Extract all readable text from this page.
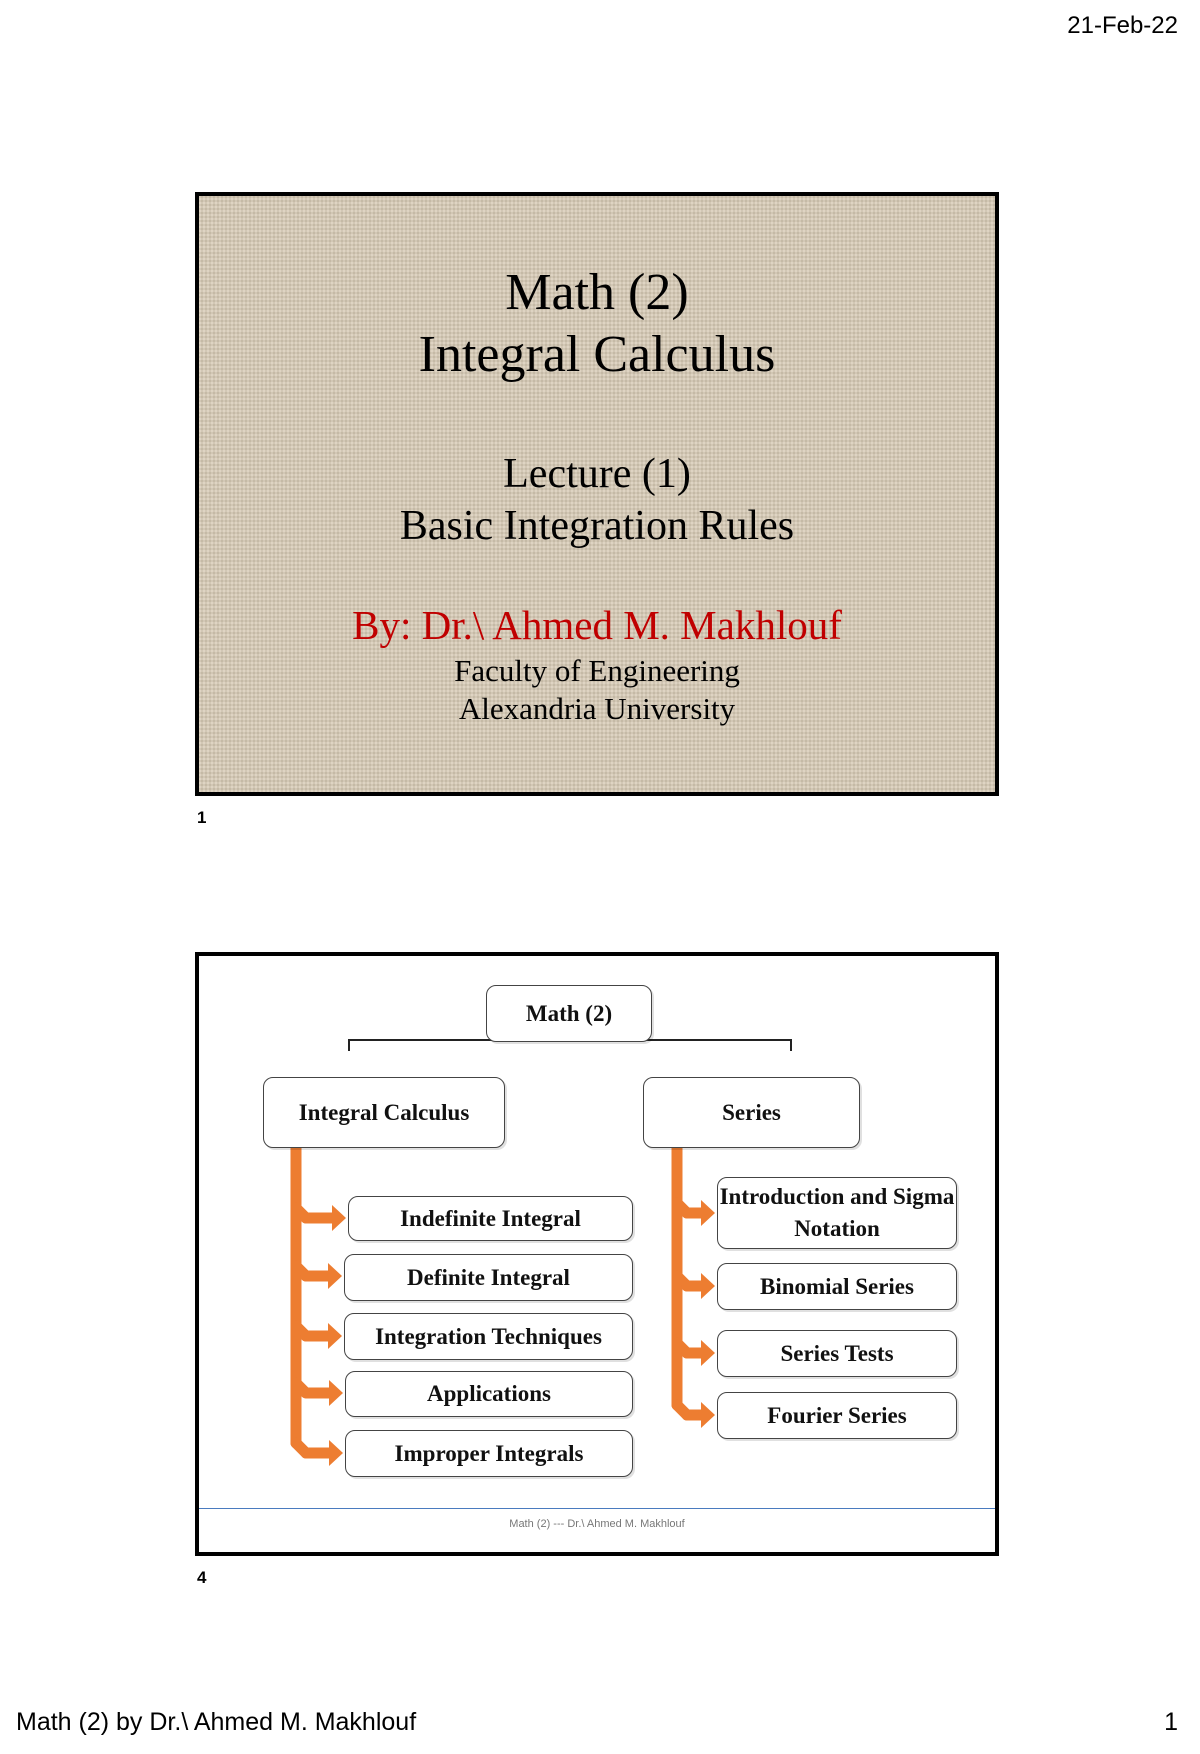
21-Feb-22
Math (2)
Integral Calculus
Lecture (1)
Basic Integration Rules
By: Dr.\ Ahmed M. Makhlouf
Faculty of Engineering
Alexandria University
1
Math (2)
Integral Calculus	Series
Indefinite Integral
Definite Integral
Integration Techniques
Applications
Improper Integrals
Introduction and Sigma Notation
Binomial Series
Series Tests
Fourier Series
Math (2) --- Dr.\ Ahmed M. Makhlouf
4
Math (2) by Dr.\ Ahmed M. Makhlouf	1
